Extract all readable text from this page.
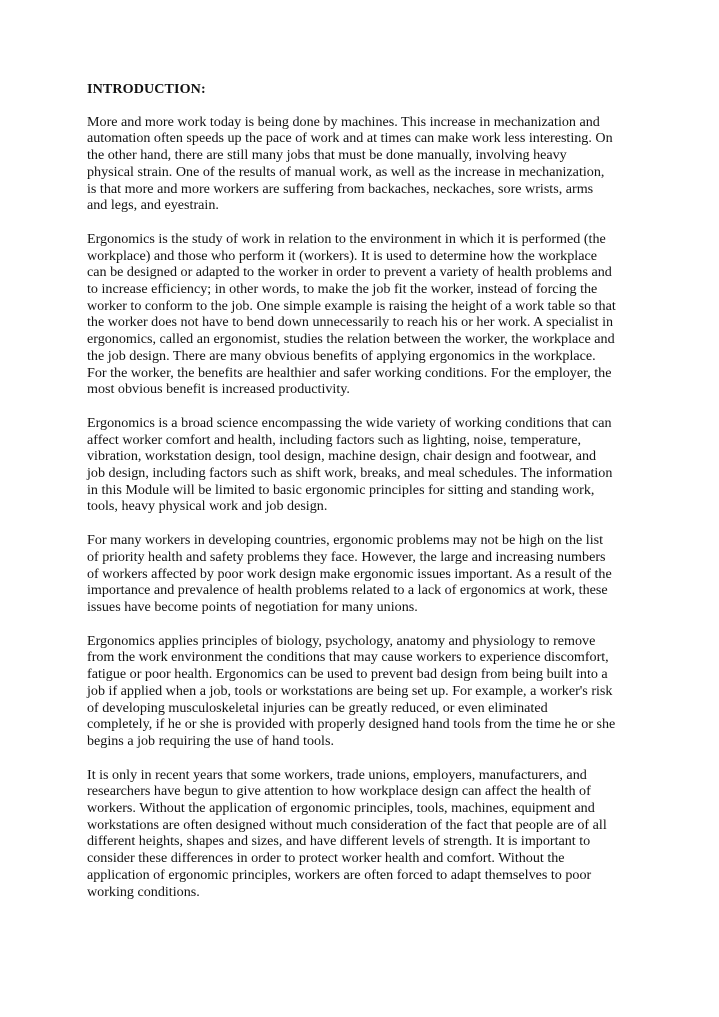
INTRODUCTION:
More and more work today is being done by machines. This increase in mechanization and
automation often speeds up the pace of work and at times can make work less interesting. On
the other hand, there are still many jobs that must be done manually, involving heavy
physical strain. One of the results of manual work, as well as the increase in mechanization,
is that more and more workers are suffering from backaches, neckaches, sore wrists, arms
and legs, and eyestrain.
Ergonomics is the study of work in relation to the environment in which it is performed (the
workplace) and those who perform it (workers). It is used to determine how the workplace
can be designed or adapted to the worker in order to prevent a variety of health problems and
to increase efficiency; in other words, to make the job fit the worker, instead of forcing the
worker to conform to the job. One simple example is raising the height of a work table so that
the worker does not have to bend down unnecessarily to reach his or her work. A specialist in
ergonomics, called an ergonomist, studies the relation between the worker, the workplace and
the job design. There are many obvious benefits of applying ergonomics in the workplace.
For the worker, the benefits are healthier and safer working conditions. For the employer, the
most obvious benefit is increased productivity.
Ergonomics is a broad science encompassing the wide variety of working conditions that can
affect worker comfort and health, including factors such as lighting, noise, temperature,
vibration, workstation design, tool design, machine design, chair design and footwear, and
job design, including factors such as shift work, breaks, and meal schedules. The information
in this Module will be limited to basic ergonomic principles for sitting and standing work,
tools, heavy physical work and job design.
For many workers in developing countries, ergonomic problems may not be high on the list
of priority health and safety problems they face. However, the large and increasing numbers
of workers affected by poor work design make ergonomic issues important. As a result of the
importance and prevalence of health problems related to a lack of ergonomics at work, these
issues have become points of negotiation for many unions.
Ergonomics applies principles of biology, psychology, anatomy and physiology to remove
from the work environment the conditions that may cause workers to experience discomfort,
fatigue or poor health. Ergonomics can be used to prevent bad design from being built into a
job if applied when a job, tools or workstations are being set up. For example, a worker's risk
of developing musculoskeletal injuries can be greatly reduced, or even eliminated
completely, if he or she is provided with properly designed hand tools from the time he or she
begins a job requiring the use of hand tools.
It is only in recent years that some workers, trade unions, employers, manufacturers, and
researchers have begun to give attention to how workplace design can affect the health of
workers. Without the application of ergonomic principles, tools, machines, equipment and
workstations are often designed without much consideration of the fact that people are of all
different heights, shapes and sizes, and have different levels of strength. It is important to
consider these differences in order to protect worker health and comfort. Without the
application of ergonomic principles, workers are often forced to adapt themselves to poor
working conditions.
